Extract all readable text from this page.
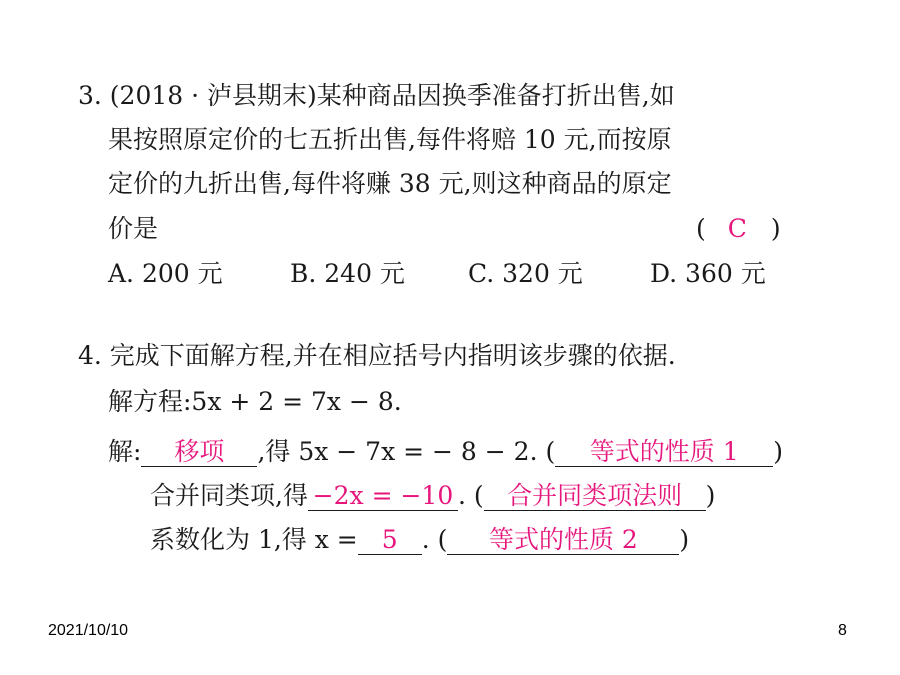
3. (2018 · 泸县期末)某种商品因换季准备打折出售,如
果按照原定价的七五折出售,每件将赔 10 元,而按原
定价的九折出售,每件将赚 38 元,则这种商品的原定
价是	( C )
A. 200 元	B. 240 元	C. 320 元	D. 360 元
4. 完成下面解方程,并在相应括号内指明该步骤的依据.
解方程:5x + 2 = 7x − 8.
解: 移项 ,得 5x − 7x = − 8 − 2. ( 等式的性质 1 )
合并同类项,得 −2x = −10 . ( 合并同类项法则 )
系数化为 1,得 x = 5 . ( 等式的性质 2 )
2021/10/10	8
